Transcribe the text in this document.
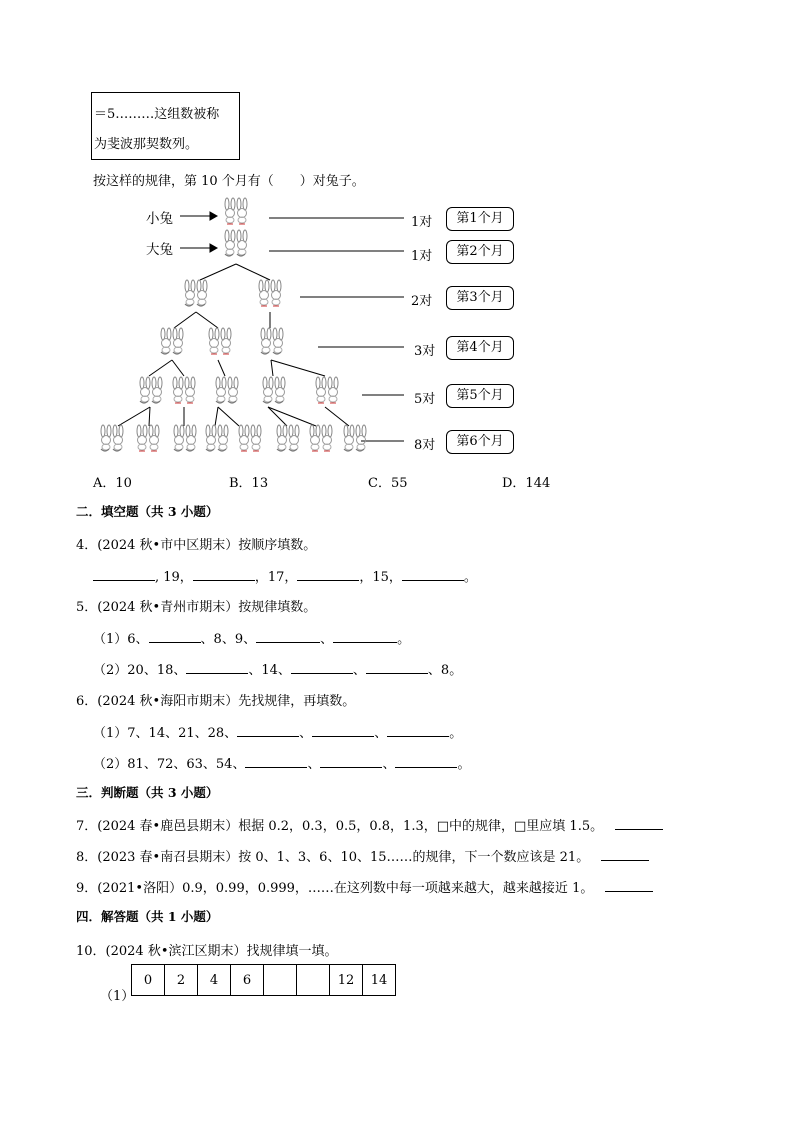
＝5………这组数被称
为斐波那契数列。
按这样的规律，第 10 个月有（　　）对兔子。
小兔
大兔
1对
1对
2对
3对
5对
8对
第1个月
第2个月
第3个月
第4个月
第5个月
第6个月
A．10	B．13	C．55	D．144
二．填空题（共 3 小题）
4．(2024 秋•市中区期末）按顺序填数。
, 19，	，17，	，15，	。
5．(2024 秋•青州市期末）按规律填数。
（1）6、	、8、9、	、	。
（2）20、18、	、14、	、	、8。
6．(2024 秋•海阳市期末）先找规律，再填数。
（1）7、14、21、28、	、	、	。
（2）81、72、63、54、	、	、	。
三．判断题（共 3 小题）
7．(2024 春•鹿邑县期末）根据 0.2，0.3，0.5，0.8，1.3，□中的规律，□里应填 1.5。
8．(2023 春•南召县期末）按 0、1、3、6、10、15……的规律，下一个数应该是 21。
9．(2021•洛阳）0.9，0.99，0.999，……在这列数中每一项越来越大，越来越接近 1。
四．解答题（共 1 小题）
10．(2024 秋•滨江区期末）找规律填一填。
（1）
0	2	4	6			12	14
